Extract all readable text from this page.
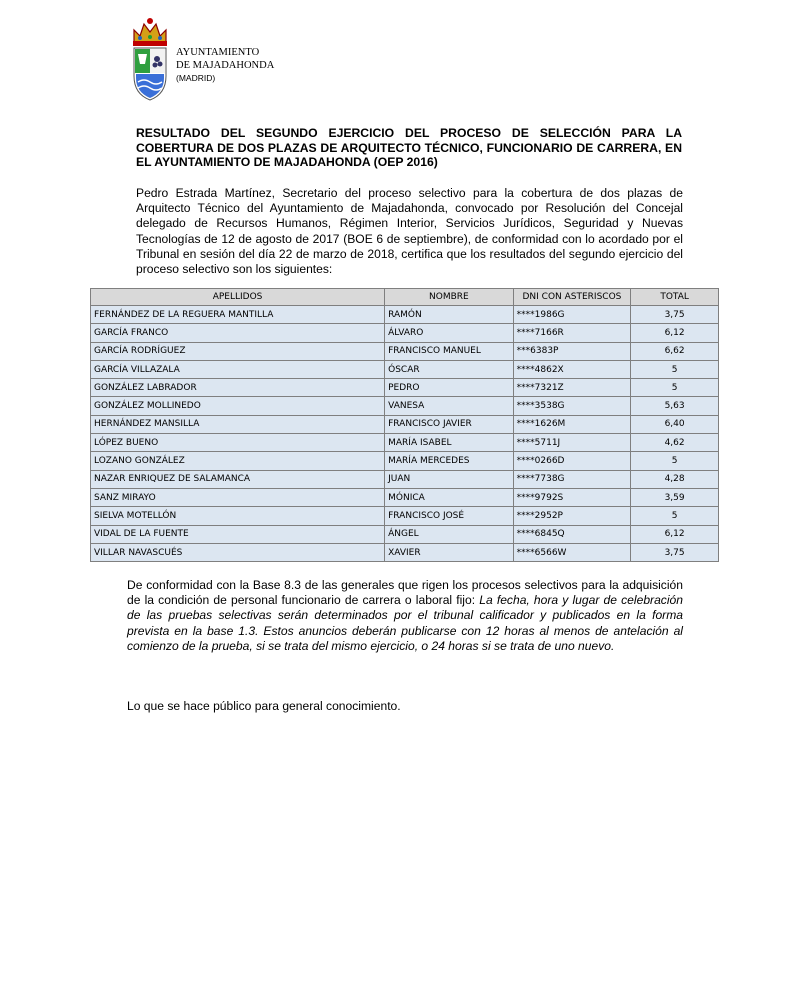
AYUNTAMIENTO
DE MAJADAHONDA
(MADRID)
RESULTADO DEL SEGUNDO EJERCICIO DEL PROCESO DE SELECCIÓN PARA LA COBERTURA DE DOS PLAZAS DE ARQUITECTO TÉCNICO, FUNCIONARIO DE CARRERA, EN EL AYUNTAMIENTO DE MAJADAHONDA (OEP 2016)

Pedro Estrada Martínez, Secretario del proceso selectivo para la cobertura de dos plazas de Arquitecto Técnico del Ayuntamiento de Majadahonda, convocado por Resolución del Concejal delegado de Recursos Humanos, Régimen Interior, Servicios Jurídicos, Seguridad y Nuevas Tecnologías de 12 de agosto de 2017 (BOE 6 de septiembre), de conformidad con lo acordado por el Tribunal en sesión del día 22 de marzo de 2018, certifica que los resultados del segundo ejercicio del proceso selectivo son los siguientes:

APELLIDOS	NOMBRE	DNI CON ASTERISCOS	TOTAL
FERNÁNDEZ DE LA REGUERA MANTILLA	RAMÓN	****1986G	3,75
GARCÍA FRANCO	ÁLVARO	****7166R	6,12
GARCÍA RODRÍGUEZ	FRANCISCO MANUEL	***6383P	6,62
GARCÍA VILLAZALA	ÓSCAR	****4862X	5
GONZÁLEZ LABRADOR	PEDRO	****7321Z	5
GONZÁLEZ MOLLINEDO	VANESA	****3538G	5,63
HERNÁNDEZ MANSILLA	FRANCISCO JAVIER	****1626M	6,40
LÓPEZ BUENO	MARÍA ISABEL	****5711J	4,62
LOZANO GONZÁLEZ	MARÍA MERCEDES	****0266D	5
NAZAR ENRIQUEZ DE SALAMANCA	JUAN	****7738G	4,28
SANZ MIRAYO	MÓNICA	****9792S	3,59
SIELVA MOTELLÓN	FRANCISCO JOSÉ	****2952P	5
VIDAL DE LA FUENTE	ÁNGEL	****6845Q	6,12
VILLAR NAVASCUÉS	XAVIER	****6566W	3,75

De conformidad con la Base 8.3 de las generales que rigen los procesos selectivos para la adquisición de la condición de personal funcionario de carrera o laboral fijo: La fecha, hora y lugar de celebración de las pruebas selectivas serán determinados por el tribunal calificador y publicados en la forma prevista en la base 1.3. Estos anuncios deberán publicarse con 12 horas al menos de antelación al comienzo de la prueba, si se trata del mismo ejercicio, o 24 horas si se trata de uno nuevo.

Lo que se hace público para general conocimiento.
